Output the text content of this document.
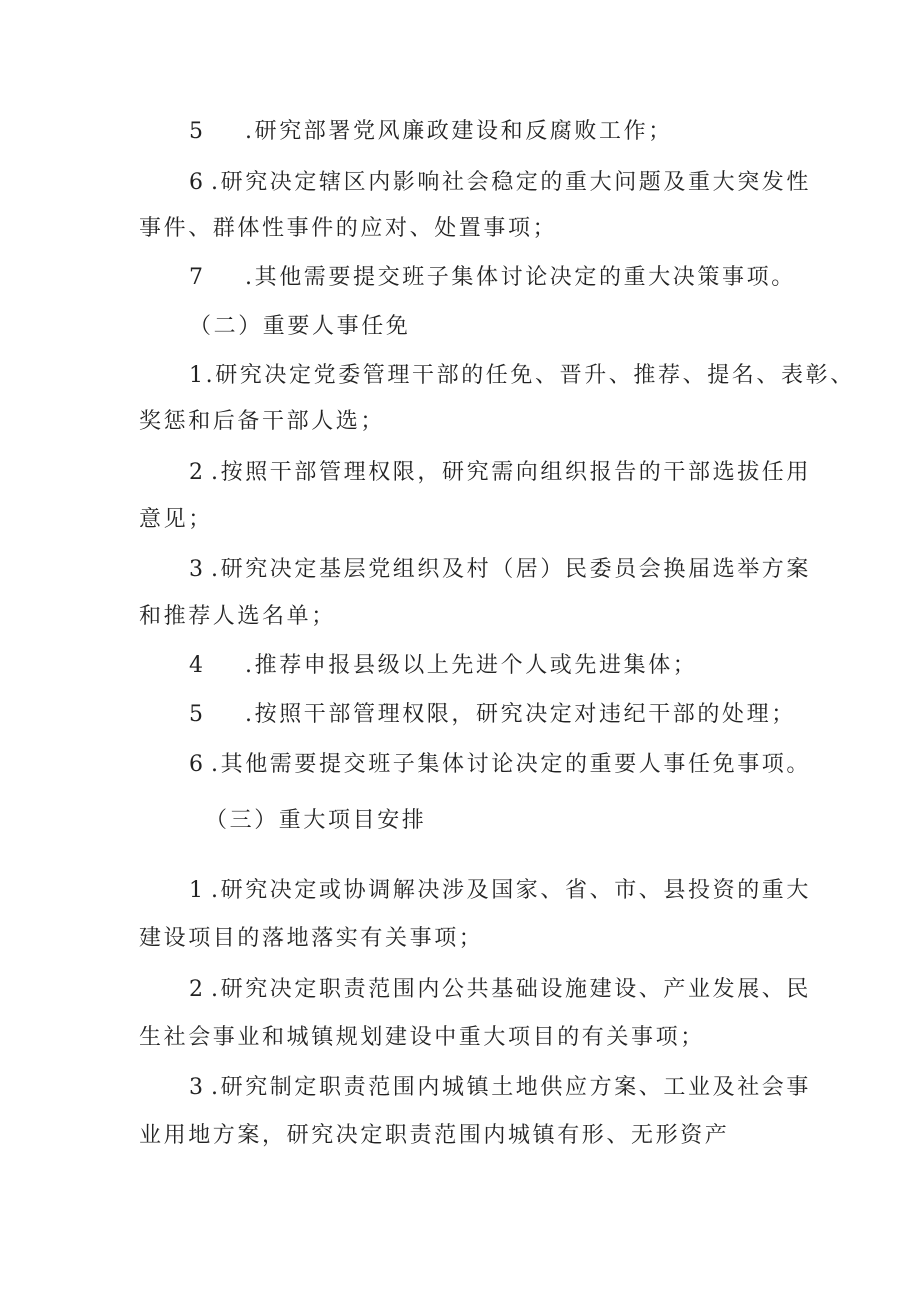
5 .研究部署党风廉政建设和反腐败工作；
6 .研究决定辖区内影响社会稳定的重大问题及重大突发性
事件、群体性事件的应对、处置事项；
7 .其他需要提交班子集体讨论决定的重大决策事项。
（二）重要人事任免
1.研究决定党委管理干部的任免、晋升、推荐、提名、表彰、
奖惩和后备干部人选；
2 .按照干部管理权限，研究需向组织报告的干部选拔任用
意见；
3 .研究决定基层党组织及村（居）民委员会换届选举方案
和推荐人选名单；
4 .推荐申报县级以上先进个人或先进集体；
5 .按照干部管理权限，研究决定对违纪干部的处理；
6 .其他需要提交班子集体讨论决定的重要人事任免事项。
（三）重大项目安排
1 .研究决定或协调解决涉及国家、省、市、县投资的重大
建设项目的落地落实有关事项；
2 .研究决定职责范围内公共基础设施建设、产业发展、民
生社会事业和城镇规划建设中重大项目的有关事项；
3 .研究制定职责范围内城镇土地供应方案、工业及社会事
业用地方案，研究决定职责范围内城镇有形、无形资产
